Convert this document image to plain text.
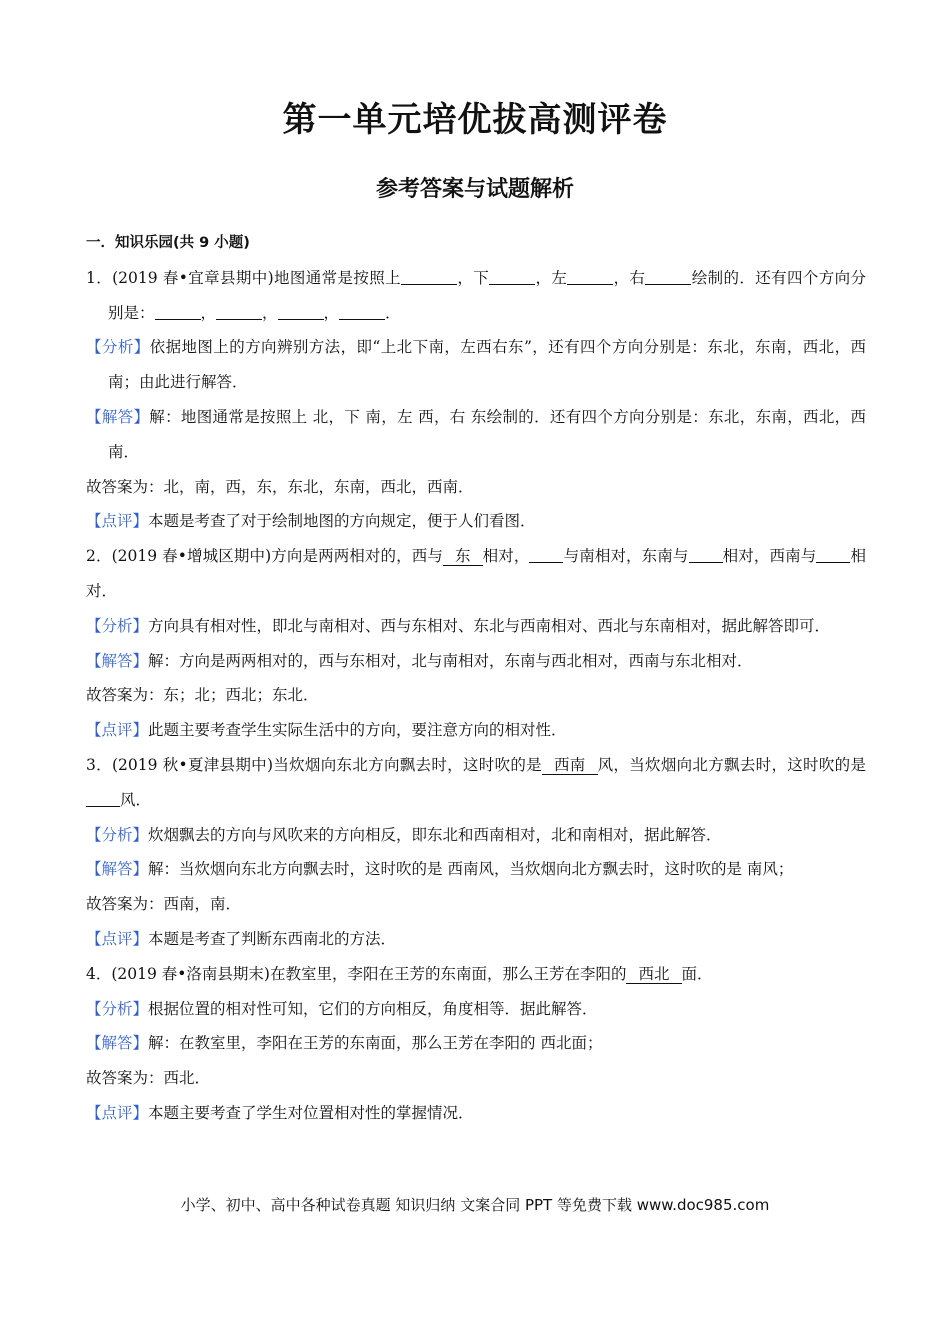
第一单元培优拔高测评卷
参考答案与试题解析

一．知识乐园(共 9 小题)

1．(2019 春•宜章县期中)地图通常是按照上	，下	，左	，右	绘制的．还有四个方向分别是：	，	，	，	．

【分析】依据地图上的方向辨别方法，即“上北下南，左西右东”，还有四个方向分别是：东北，东南，西北，西南；由此进行解答．

【解答】解：地图通常是按照上 北，下 南，左 西，右 东绘制的．还有四个方向分别是：东北，东南，西北，西南．

故答案为：北，南，西，东，东北，东南，西北，西南．

【点评】本题是考查了对于绘制地图的方向规定，便于人们看图．

2．(2019 春•增城区期中)方向是两两相对的，西与 东 相对， 与南相对，东南与 相对，西南与 相对．

【分析】方向具有相对性，即北与南相对、西与东相对、东北与西南相对、西北与东南相对，据此解答即可．

【解答】解：方向是两两相对的，西与东相对，北与南相对，东南与西北相对，西南与东北相对．

故答案为：东；北；西北；东北．

【点评】此题主要考查学生实际生活中的方向，要注意方向的相对性．

3．(2019 秋•夏津县期中)当炊烟向东北方向飘去时，这时吹的是 西南 风，当炊烟向北方飘去时，这时吹的是风．

【分析】炊烟飘去的方向与风吹来的方向相反，即东北和西南相对，北和南相对，据此解答．

【解答】解：当炊烟向东北方向飘去时，这时吹的是 西南风，当炊烟向北方飘去时，这时吹的是 南风；

故答案为：西南，南．

【点评】本题是考查了判断东西南北的方法．

4．(2019 春•洛南县期末)在教室里，李阳在王芳的东南面，那么王芳在李阳的 西北 面．

【分析】根据位置的相对性可知，它们的方向相反，角度相等．据此解答．

【解答】解：在教室里，李阳在王芳的东南面，那么王芳在李阳的 西北面；

故答案为：西北．

【点评】本题主要考查了学生对位置相对性的掌握情况．

小学、初中、高中各种试卷真题 知识归纳 文案合同 PPT 等免费下载 www.doc985.com
